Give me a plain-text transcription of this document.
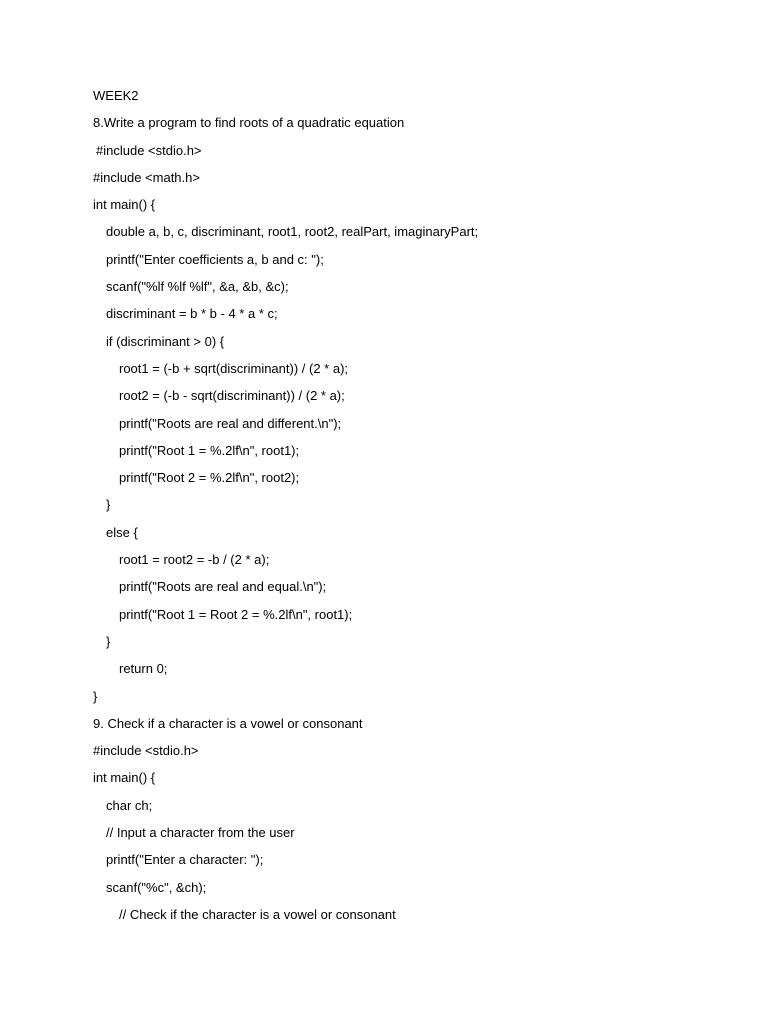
WEEK2
8.Write a program to find roots of a quadratic equation
#include <stdio.h>
#include <math.h>
int main() {
double a, b, c, discriminant, root1, root2, realPart, imaginaryPart;
printf("Enter coefficients a, b and c: ");
scanf("%lf %lf %lf", &a, &b, &c);
discriminant = b * b - 4 * a * c;
if (discriminant > 0) {
root1 = (-b + sqrt(discriminant)) / (2 * a);
root2 = (-b - sqrt(discriminant)) / (2 * a);
printf("Roots are real and different.\n");
printf("Root 1 = %.2lf\n", root1);
printf("Root 2 = %.2lf\n", root2);
}
else {
root1 = root2 = -b / (2 * a);
printf("Roots are real and equal.\n");
printf("Root 1 = Root 2 = %.2lf\n", root1);
}
return 0;
}
9. Check if a character is a vowel or consonant
#include <stdio.h>
int main() {
char ch;
// Input a character from the user
printf("Enter a character: ");
scanf("%c", &ch);
// Check if the character is a vowel or consonant
